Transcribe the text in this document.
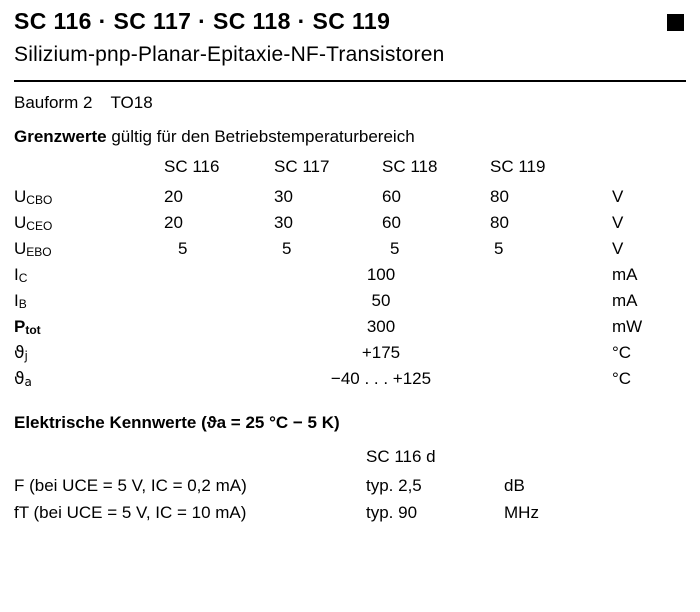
SC 116 · SC 117 · SC 118 · SC 119
Silizium-pnp-Planar-Epitaxie-NF-Transistoren
Bauform 2 TO18
Grenzwerte gültig für den Betriebstemperaturbereich
	SC 116	SC 117	SC 118	SC 119	
$U_{CBO}$	20	30	60	80	V
$U_{CEO}$	20	30	60	80	V
$U_{EBO}$	5	5	5	5	V
$I_C$	100				mA
$I_B$	50				mA
$P_{tot}$	300				mW
$ϑ_j$	+175				°C
$ϑ_a$	−40 . . . +125				°C
Elektrische Kennwerte (ϑa = 25 °C − 5 K)
	SC 116 d	
F (bei UCE = 5 V, IC = 0,2 mA)	typ. 2,5	dB
fT (bei UCE = 5 V, IC = 10 mA)	typ. 90	MHz
